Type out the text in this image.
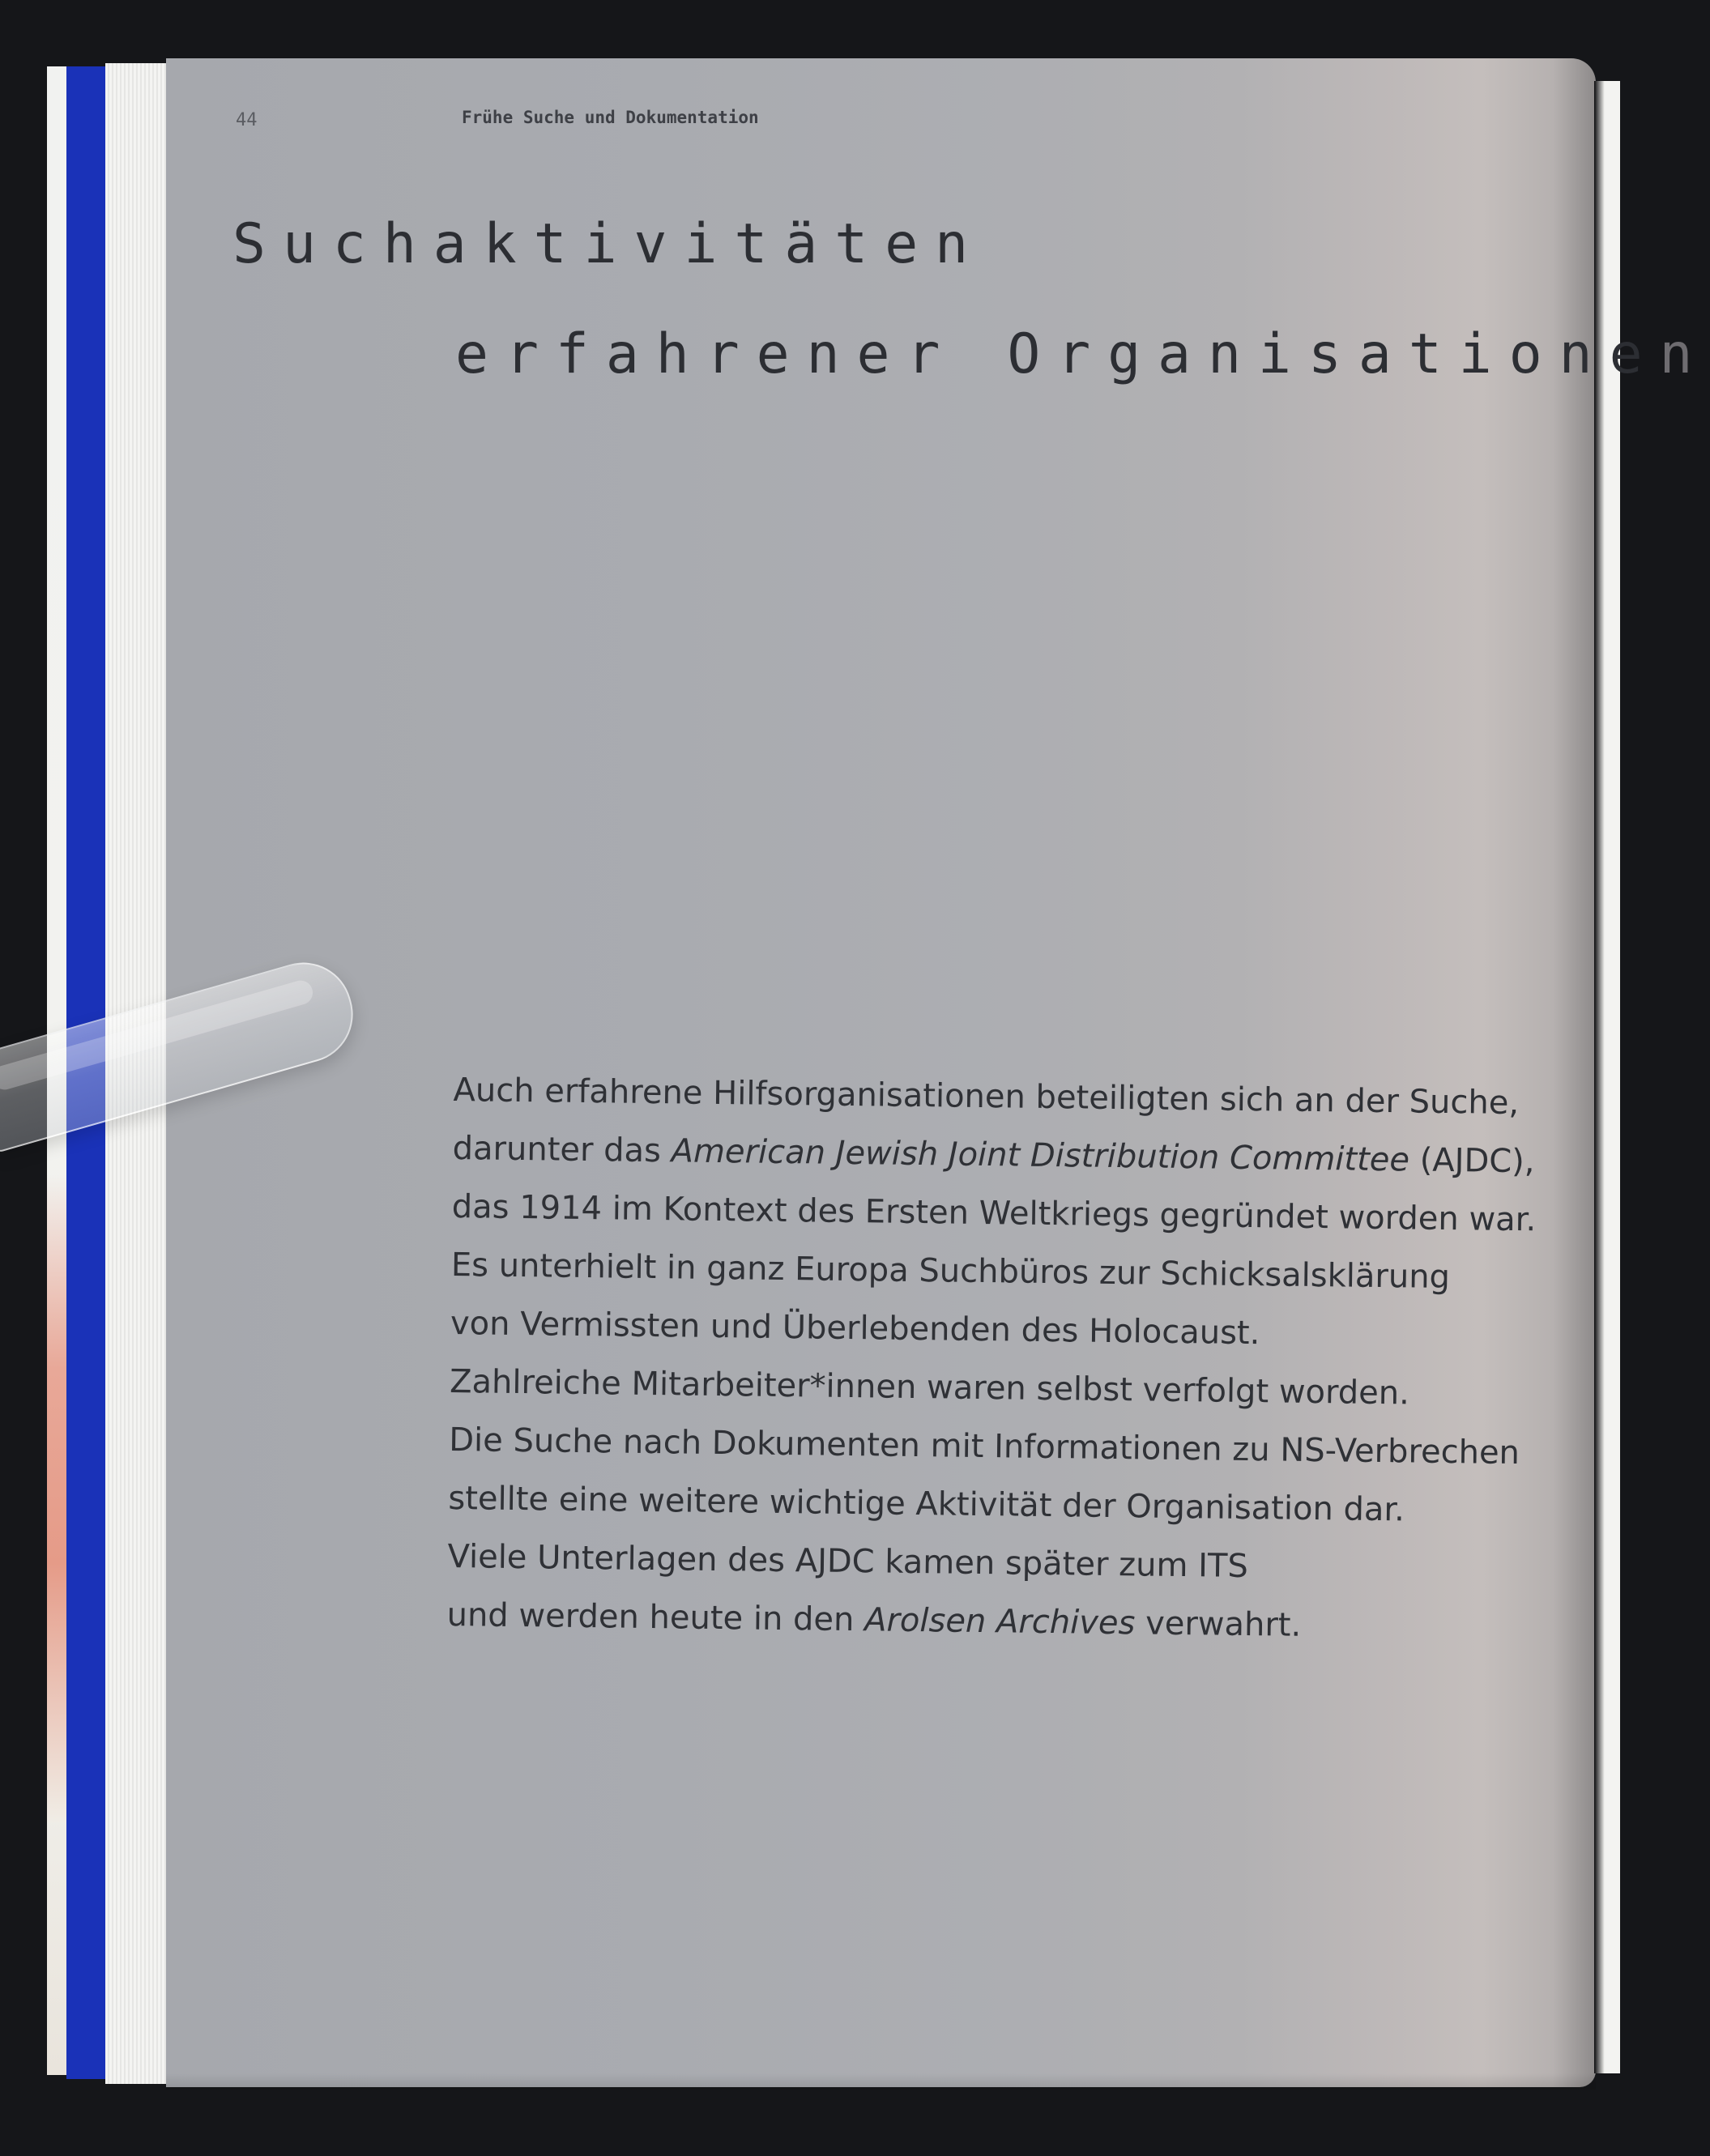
44	Frühe Suche und Dokumentation
Suchaktivitäten
erfahrener Organisationen
Auch erfahrene Hilfsorganisationen beteiligten sich an der Suche,
darunter das American Jewish Joint Distribution Committee (AJDC),
das 1914 im Kontext des Ersten Weltkriegs gegründet worden war.
Es unterhielt in ganz Europa Suchbüros zur Schicksalsklärung
von Vermissten und Überlebenden des Holocaust.
Zahlreiche Mitarbeiter*innen waren selbst verfolgt worden.
Die Suche nach Dokumenten mit Informationen zu NS-Verbrechen
stellte eine weitere wichtige Aktivität der Organisation dar.
Viele Unterlagen des AJDC kamen später zum ITS
und werden heute in den Arolsen Archives verwahrt.
